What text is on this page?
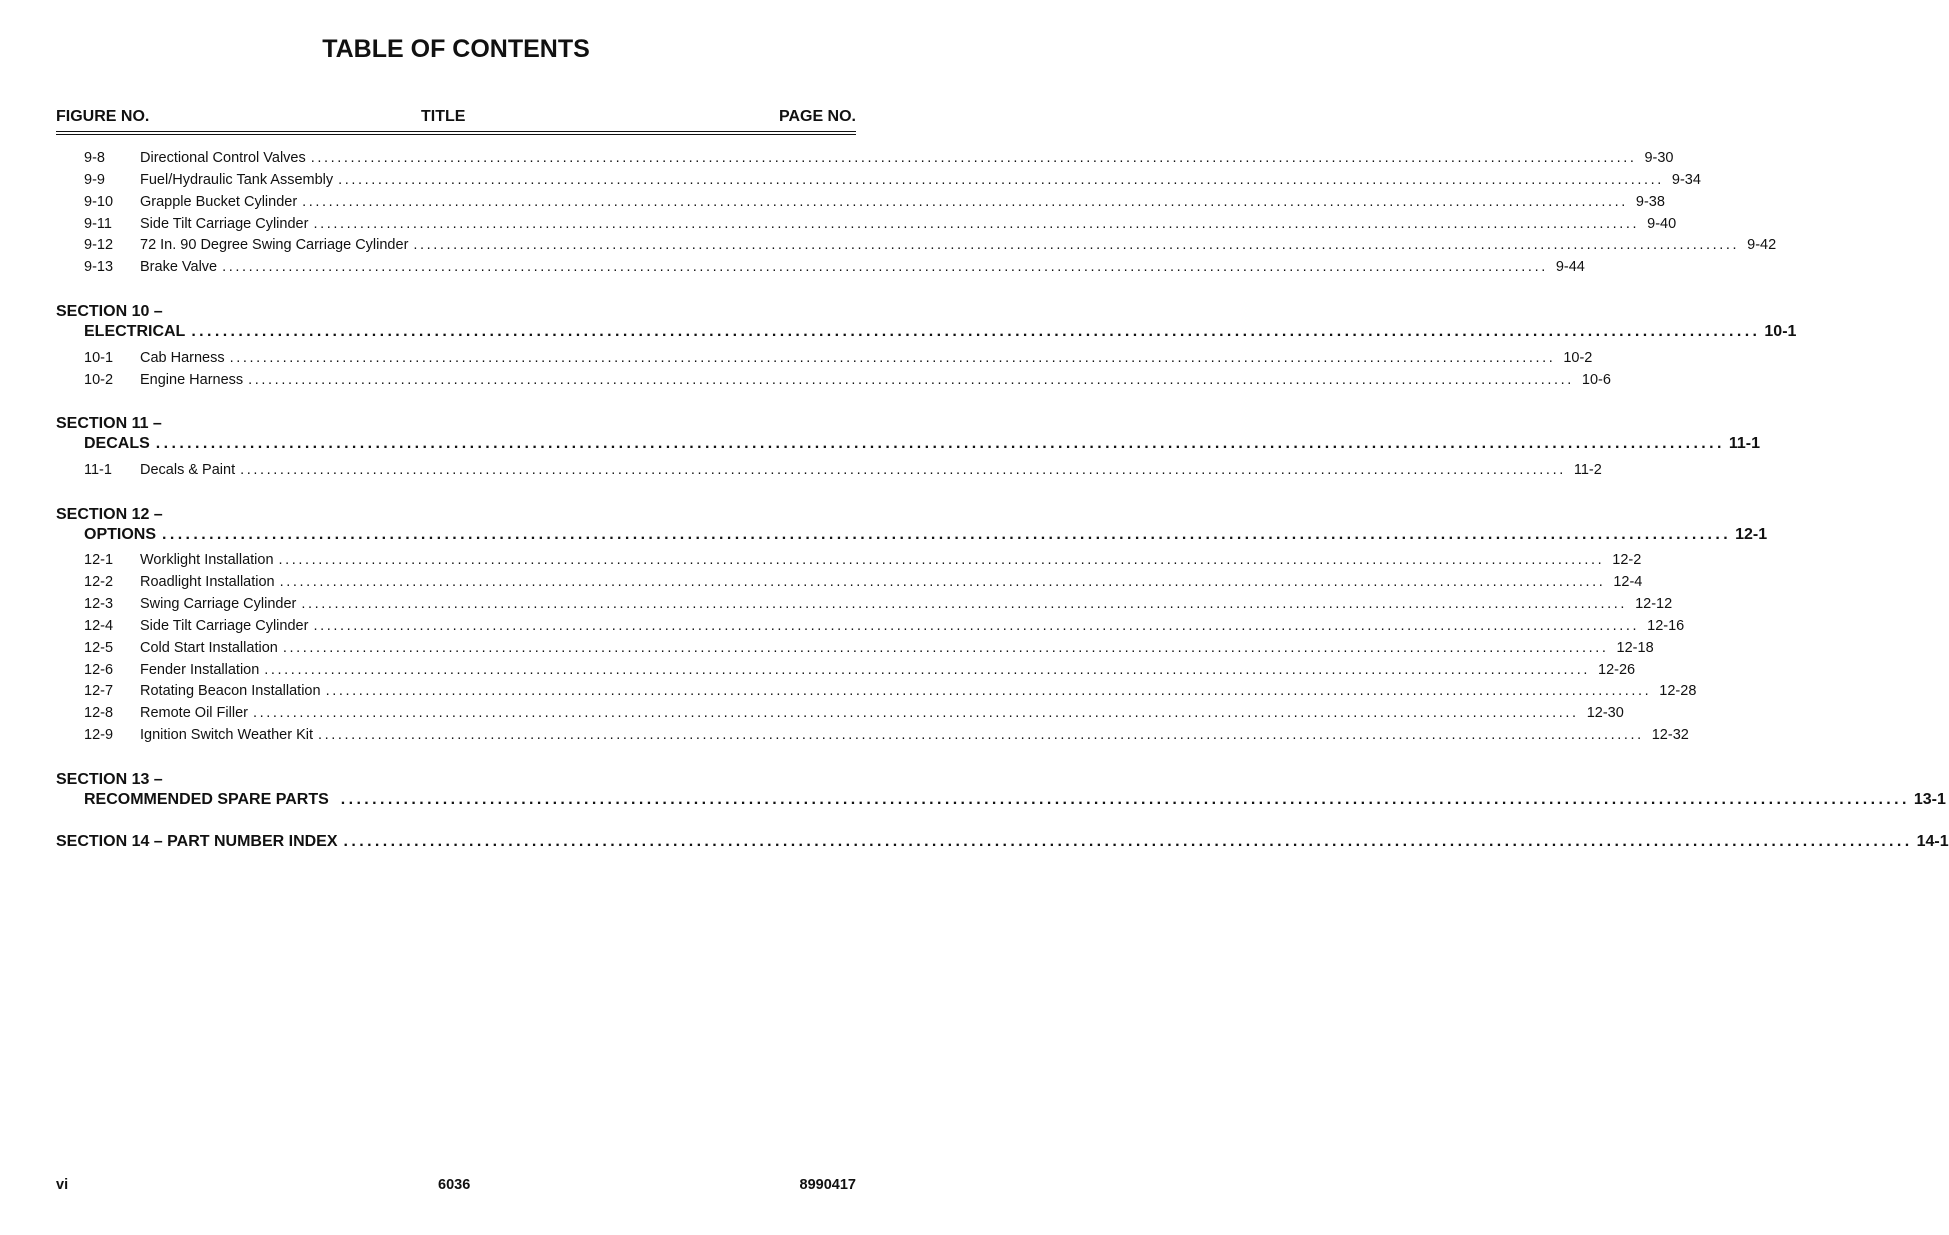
TABLE OF CONTENTS
FIGURE NO.	TITLE	PAGE NO.
9-8	Directional Control Valves ........................................................................................................................................................................................................ 9-30
9-9	Fuel/Hydraulic Tank Assembly ........................................................................................................................................................................................................ 9-34
9-10	Grapple Bucket Cylinder ........................................................................................................................................................................................................ 9-38
9-11	Side Tilt Carriage Cylinder ........................................................................................................................................................................................................ 9-40
9-12	72 In. 90 Degree Swing Carriage Cylinder ........................................................................................................................................................................................................ 9-42
9-13	Brake Valve ........................................................................................................................................................................................................ 9-44
SECTION 10 –
ELECTRICAL ........................................................................................................................................................................................................ 10-1
10-1	Cab Harness ........................................................................................................................................................................................................ 10-2
10-2	Engine Harness ........................................................................................................................................................................................................ 10-6
SECTION 11 –
DECALS ........................................................................................................................................................................................................ 11-1
11-1	Decals & Paint ........................................................................................................................................................................................................ 11-2
SECTION 12 –
OPTIONS ........................................................................................................................................................................................................ 12-1
12-1	Worklight Installation ........................................................................................................................................................................................................ 12-2
12-2	Roadlight Installation ........................................................................................................................................................................................................ 12-4
12-3	Swing Carriage Cylinder ........................................................................................................................................................................................................ 12-12
12-4	Side Tilt Carriage Cylinder ........................................................................................................................................................................................................ 12-16
12-5	Cold Start Installation ........................................................................................................................................................................................................ 12-18
12-6	Fender Installation ........................................................................................................................................................................................................ 12-26
12-7	Rotating Beacon Installation ........................................................................................................................................................................................................ 12-28
12-8	Remote Oil Filler ........................................................................................................................................................................................................ 12-30
12-9	Ignition Switch Weather Kit ........................................................................................................................................................................................................ 12-32
SECTION 13 –
RECOMMENDED SPARE PARTS ........................................................................................................................................................................................................ 13-1
SECTION 14 – PART NUMBER INDEX ........................................................................................................................................................................................................ 14-1
vi	6036	8990417
